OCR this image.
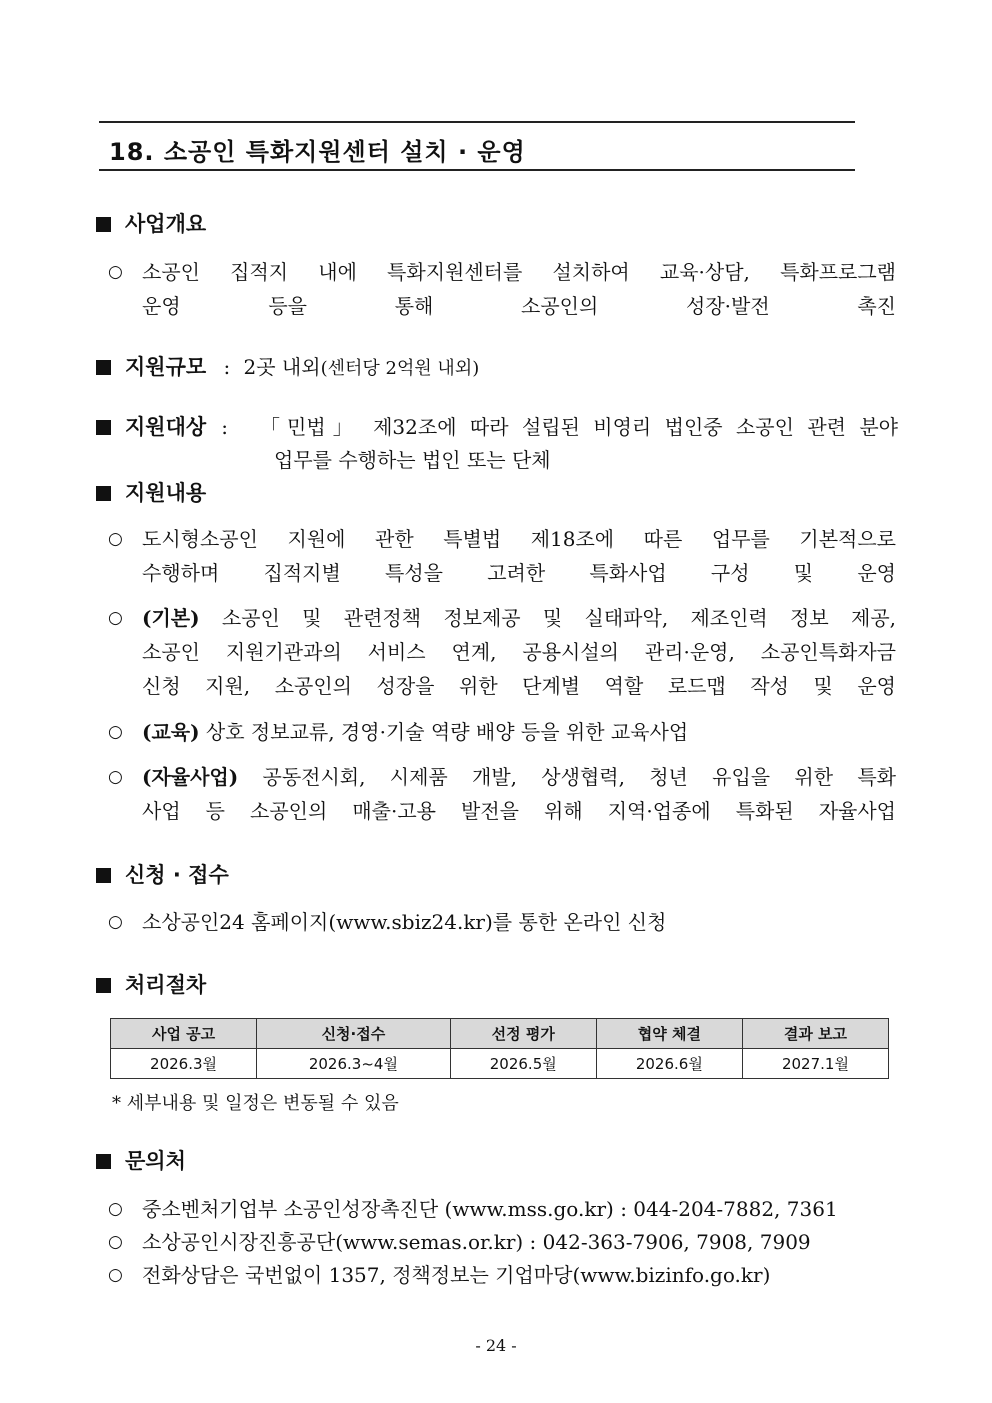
18. 소공인 특화지원센터 설치 · 운영
사업개요
○ 소공인 집적지 내에 특화지원센터를 설치하여 교육·상담, 특화프로그램
운영 등을 통해 소공인의 성장·발전 촉진
지원규모 : 2곳 내외(센터당 2억원 내외)
지원대상 : 「민법」 제32조에 따라 설립된 비영리 법인중 소공인 관련 분야
업무를 수행하는 법인 또는 단체
지원내용
○ 도시형소공인 지원에 관한 특별법 제18조에 따른 업무를 기본적으로
수행하며 집적지별 특성을 고려한 특화사업 구성 및 운영
○ (기본) 소공인 및 관련정책 정보제공 및 실태파악, 제조인력 정보 제공,
소공인 지원기관과의 서비스 연계, 공용시설의 관리·운영, 소공인특화자금
신청 지원, 소공인의 성장을 위한 단계별 역할 로드맵 작성 및 운영
○ (교육) 상호 정보교류, 경영·기술 역량 배양 등을 위한 교육사업
○ (자율사업) 공동전시회, 시제품 개발, 상생협력, 청년 유입을 위한 특화
사업 등 소공인의 매출·고용 발전을 위해 지역·업종에 특화된 자율사업
신청 · 접수
○ 소상공인24 홈페이지(www.sbiz24.kr)를 통한 온라인 신청
처리절차
사업 공고	신청·접수	선정 평가	협약 체결	결과 보고
2026.3월	2026.3~4월	2026.5월	2026.6월	2027.1월
* 세부내용 및 일정은 변동될 수 있음
문의처
○ 중소벤처기업부 소공인성장촉진단 (www.mss.go.kr) : 044-204-7882, 7361
○ 소상공인시장진흥공단(www.semas.or.kr) : 042-363-7906, 7908, 7909
○ 전화상담은 국번없이 1357, 정책정보는 기업마당(www.bizinfo.go.kr)
- 24 -
